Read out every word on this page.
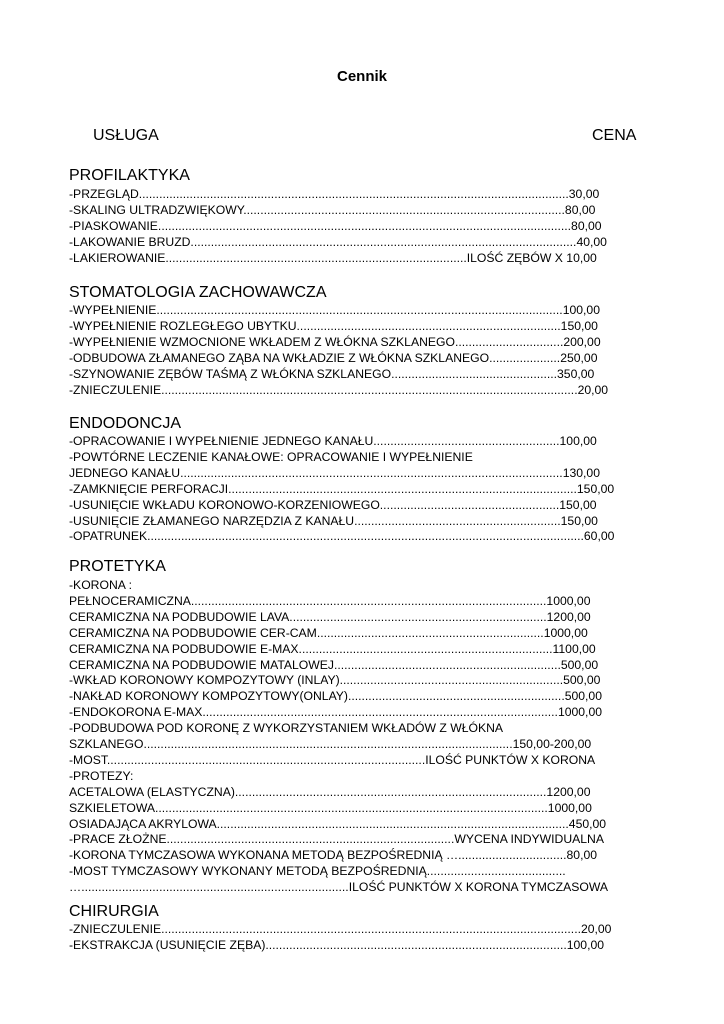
Cennik
USŁUGA	CENA
PROFILAKTYKA
-PRZEGLĄD...............................................................................................................................30,00
-SKALING ULTRADZWIĘKOWY...............................................................................................80,00
-PIASKOWANIE..........................................................................................................................80,00
-LAKOWANIE BRUZD..................................................................................................................40,00
-LAKIEROWANIE.........................................................................................ILOŚĆ ZĘBÓW X 10,00
STOMATOLOGIA ZACHOWAWCZA
-WYPEŁNIENIE........................................................................................................................100,00
-WYPEŁNIENIE ROZLEGŁEGO UBYTKU..............................................................................150,00
-WYPEŁNIENIE WZMOCNIONE WKŁADEM Z WŁÓKNA SZKLANEGO................................200,00
-ODBUDOWA ZŁAMANEGO ZĄBA NA WKŁADZIE Z WŁÓKNA SZKLANEGO.....................250,00
-SZYNOWANIE ZĘBÓW TAŚMĄ Z WŁÓKNA SZKLANEGO.................................................350,00
-ZNIECZULENIE...........................................................................................................................20,00
ENDODONCJA
-OPRACOWANIE I WYPEŁNIENIE JEDNEGO KANAŁU.......................................................100,00
-POWTÓRNE LECZENIE KANAŁOWE: OPRACOWANIE I WYPEŁNIENIE
JEDNEGO KANAŁU.................................................................................................................130,00
-ZAMKNIĘCIE PERFORACJI.......................................................................................................150,00
-USUNIĘCIE WKŁADU KORONOWO-KORZENIOWEGO.....................................................150,00
-USUNIĘCIE ZŁAMANEGO NARZĘDZIA Z KANAŁU.............................................................150,00
-OPATRUNEK.................................................................................................................................60,00
PROTETYKA
-KORONA :
PEŁNOCERAMICZNA.........................................................................................................1000,00
CERAMICZNA NA PODBUDOWIE LAVA............................................................................1200,00
CERAMICZNA NA PODBUDOWIE CER-CAM...................................................................1000,00
CERAMICZNA NA PODBUDOWIE E-MAX...........................................................................1100,00
CERAMICZNA NA PODBUDOWIE MATALOWEJ...................................................................500,00
-WKŁAD KORONOWY KOMPOZYTOWY (INLAY)..................................................................500,00
-NAKŁAD KORONOWY KOMPOZYTOWY(ONLAY)................................................................500,00
-ENDOKORONA E-MAX.........................................................................................................1000,00
-PODBUDOWA POD KORONĘ Z WYKORZYSTANIEM WKŁADÓW Z WŁÓKNA
SZKLANEGO.............................................................................................................150,00-200,00
-MOST..............................................................................................ILOŚĆ PUNKTÓW X KORONA
-PROTEZY:
ACETALOWA (ELASTYCZNA)............................................................................................1200,00
SZKIELETOWA....................................................................................................................1000,00
OSIADAJĄCA AKRYLOWA........................................................................................................450,00
-PRACE ZŁOŻNE.....................................................................................WYCENA INDYWIDUALNA
-KORONA TYMCZASOWA WYKONANA METODĄ BEZPOŚREDNIĄ …................................80,00
-MOST TYMCZASOWY WYKONANY METODĄ BEZPOŚREDNIĄ.........................................
…...............................................................................ILOŚĆ PUNKTÓW X KORONA TYMCZASOWA
CHIRURGIA
-ZNIECZULENIE............................................................................................................................20,00
-EKSTRAKCJA (USUNIĘCIE ZĘBA).........................................................................................100,00
